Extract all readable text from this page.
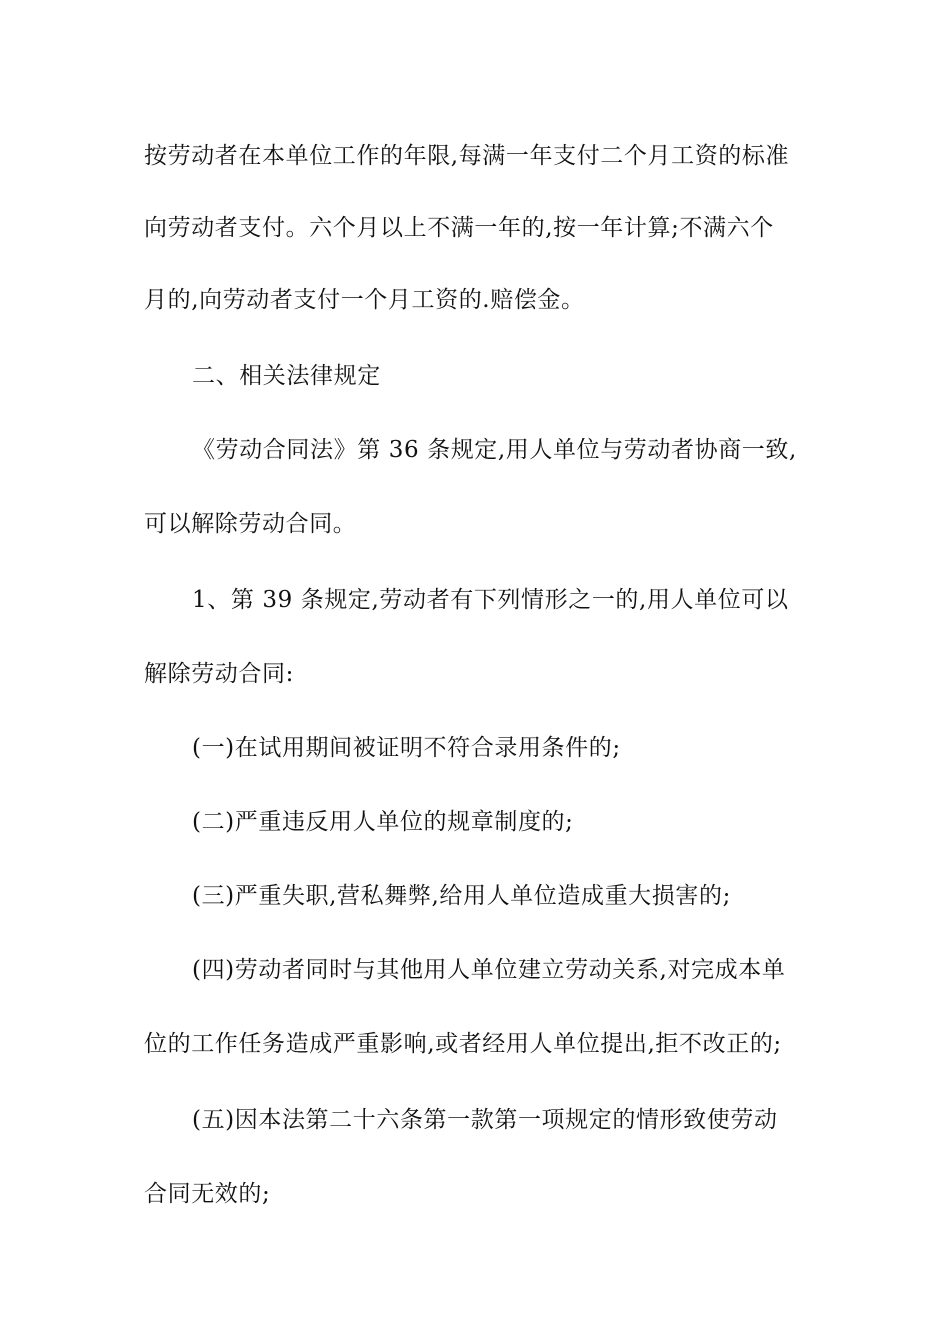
按劳动者在本单位工作的年限,每满一年支付二个月工资的标准
向劳动者支付。六个月以上不满一年的,按一年计算;不满六个
月的,向劳动者支付一个月工资的.赔偿金。
二、相关法律规定
《劳动合同法》第 36 条规定,用人单位与劳动者协商一致,
可以解除劳动合同。
1、第 39 条规定,劳动者有下列情形之一的,用人单位可以
解除劳动合同:
(一)在试用期间被证明不符合录用条件的;
(二)严重违反用人单位的规章制度的;
(三)严重失职,营私舞弊,给用人单位造成重大损害的;
(四)劳动者同时与其他用人单位建立劳动关系,对完成本单
位的工作任务造成严重影响,或者经用人单位提出,拒不改正的;
(五)因本法第二十六条第一款第一项规定的情形致使劳动
合同无效的;
